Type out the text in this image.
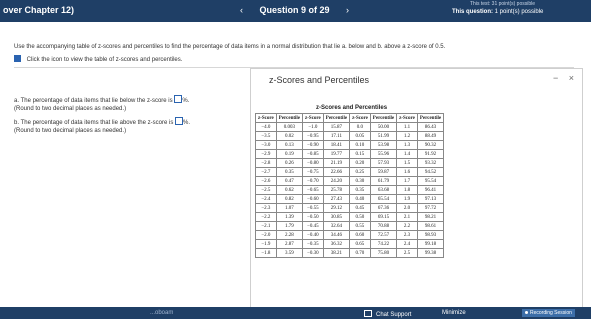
over Chapter 12)	‹ Question 9 of 29 ›
This test: 31 point(s) possible
This question: 1 point(s) possible
Use the accompanying table of z-scores and percentiles to find the percentage of data items in a normal distribution that lie a. below and b. above a z-score of 0.5.
Click the icon to view the table of z-scores and percentiles.
a. The percentage of data items that lie below the z-score is %.
(Round to two decimal places as needed.)
b. The percentage of data items that lie above the z-score is %.
(Round to two decimal places as needed.)
z-Scores and Percentiles	− ×
z-Scores and Percentiles
z-Score	Percentile	z-Score	Percentile	z-Score	Percentile	z-Score	Percentile
−4.0	0.003	−1.0	15.87	0.0	50.00	1.1	86.43
−3.5	0.02	−0.95	17.11	0.05	51.99	1.2	88.49
−3.0	0.13	−0.90	18.41	0.10	53.98	1.3	90.32
−2.9	0.19	−0.85	19.77	0.15	55.96	1.4	91.92
−2.8	0.26	−0.80	21.19	0.20	57.93	1.5	93.32
−2.7	0.35	−0.75	22.66	0.25	59.87	1.6	94.52
−2.6	0.47	−0.70	24.20	0.30	61.79	1.7	95.54
−2.5	0.62	−0.65	25.78	0.35	63.68	1.8	96.41
−2.4	0.82	−0.60	27.43	0.40	65.54	1.9	97.13
−2.3	1.07	−0.55	29.12	0.45	67.36	2.0	97.72
−2.2	1.39	−0.50	30.85	0.50	69.15	2.1	98.21
−2.1	1.79	−0.45	32.64	0.55	70.88	2.2	98.61
−2.0	2.28	−0.40	34.46	0.60	72.57	2.3	98.93
−1.9	2.87	−0.35	36.32	0.65	74.22	2.4	99.18
−1.8	3.59	−0.30	38.21	0.70	75.80	2.5	99.38
...oboam	Chat Support	Minimize	Recording Session
